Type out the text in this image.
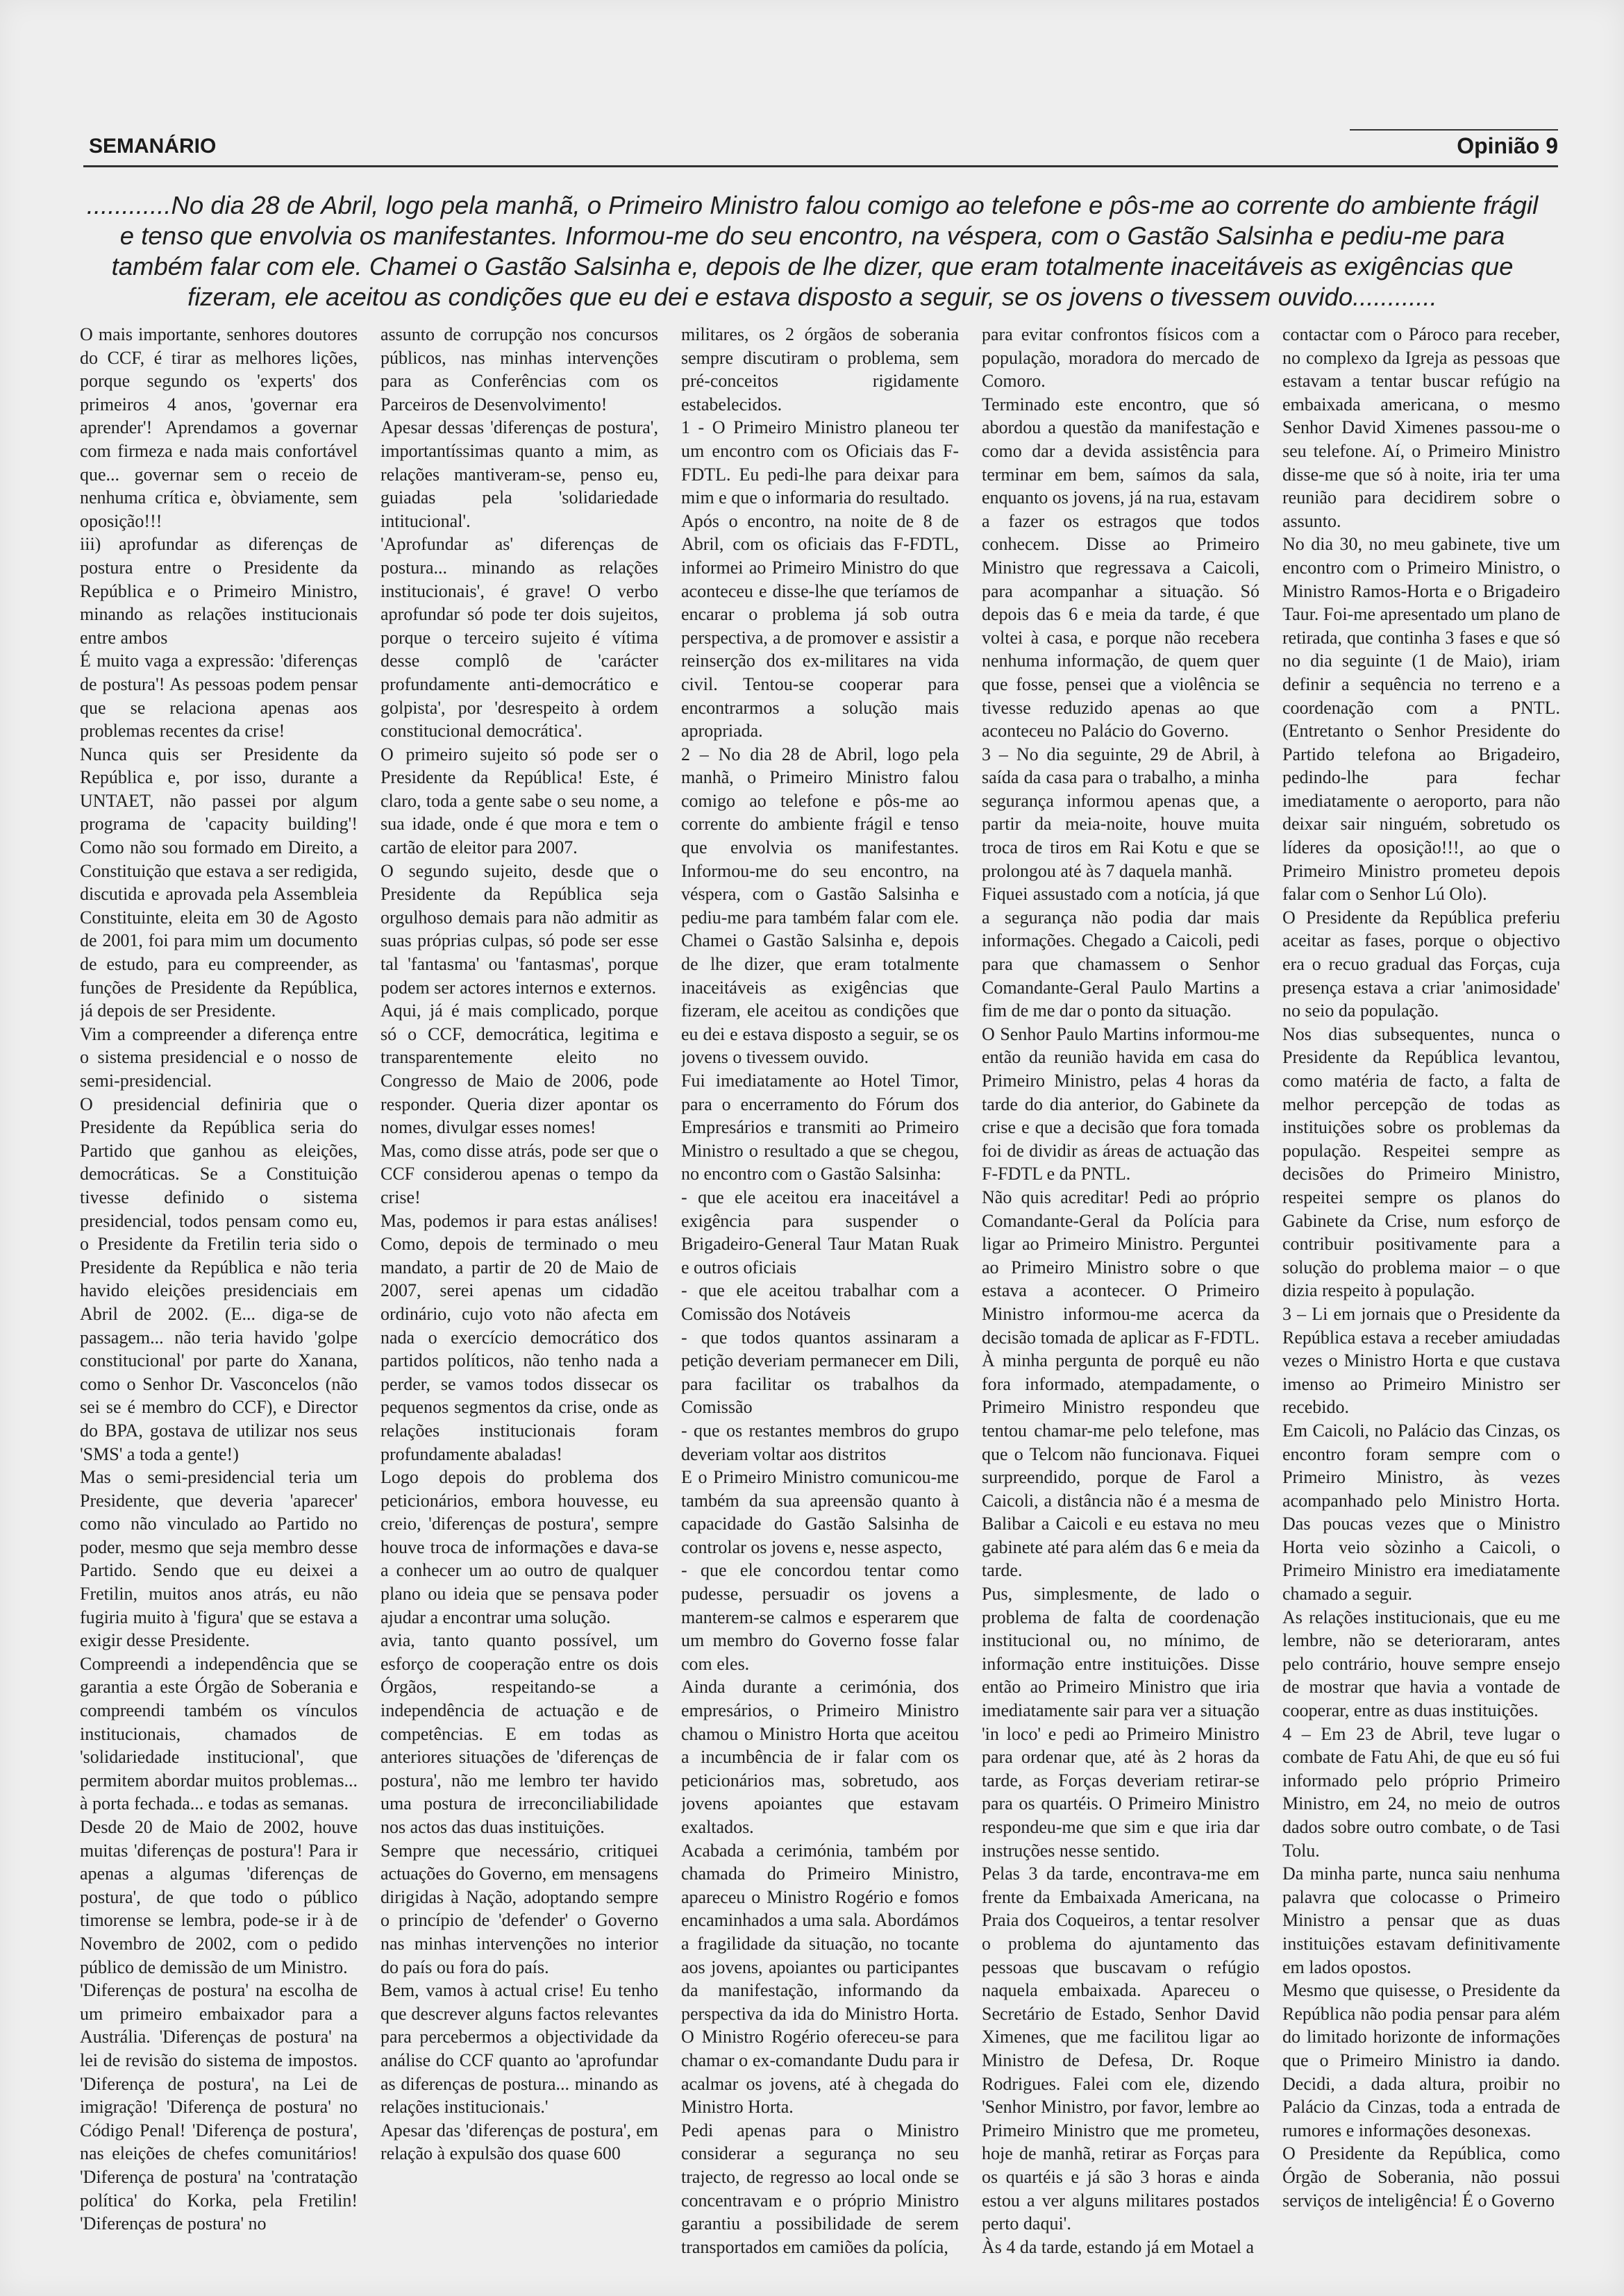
SEMANÁRIO	Opinião 9
............No dia 28 de Abril, logo pela manhã, o Primeiro Ministro falou comigo ao telefone e pôs-me ao corrente do ambiente frágil e tenso que envolvia os manifestantes. Informou-me do seu encontro, na véspera, com o Gastão Salsinha e pediu-me para também falar com ele. Chamei o Gastão Salsinha e, depois de lhe dizer, que eram totalmente inaceitáveis as exigências que fizeram, ele aceitou as condições que eu dei e estava disposto a seguir, se os jovens o tivessem ouvido............

O mais importante, senhores doutores do CCF, é tirar as melhores lições, porque segundo os 'experts' dos primeiros 4 anos, 'governar era aprender'! Aprendamos a governar com firmeza e nada mais confortável que... governar sem o receio de nenhuma crítica e, òbviamente, sem oposição!!!

iii) aprofundar as diferenças de postura entre o Presidente da República e o Primeiro Ministro, minando as relações institucionais entre ambos

É muito vaga a expressão: 'diferenças de postura'! As pessoas podem pensar que se relaciona apenas aos problemas recentes da crise!

Nunca quis ser Presidente da República e, por isso, durante a UNTAET, não passei por algum programa de 'capacity building'! Como não sou formado em Direito, a Constituição que estava a ser redigida, discutida e aprovada pela Assembleia Constituinte, eleita em 30 de Agosto de 2001, foi para mim um documento de estudo, para eu compreender, as funções de Presidente da República, já depois de ser Presidente.

Vim a compreender a diferença entre o sistema presidencial e o nosso de semi-presidencial.

O presidencial definiria que o Presidente da República seria do Partido que ganhou as eleições, democráticas. Se a Constituição tivesse definido o sistema presidencial, todos pensam como eu, o Presidente da Fretilin teria sido o Presidente da República e não teria havido eleições presidenciais em Abril de 2002. (E... diga-se de passagem... não teria havido 'golpe constitucional' por parte do Xanana, como o Senhor Dr. Vasconcelos (não sei se é membro do CCF), e Director do BPA, gostava de utilizar nos seus 'SMS' a toda a gente!)

Mas o semi-presidencial teria um Presidente, que deveria 'aparecer' como não vinculado ao Partido no poder, mesmo que seja membro desse Partido. Sendo que eu deixei a Fretilin, muitos anos atrás, eu não fugiria muito à 'figura' que se estava a exigir desse Presidente.

Compreendi a independência que se garantia a este Órgão de Soberania e compreendi também os vínculos institucionais, chamados de 'solidariedade institucional', que permitem abordar muitos problemas... à porta fechada... e todas as semanas.

Desde 20 de Maio de 2002, houve muitas 'diferenças de postura'! Para ir apenas a algumas 'diferenças de postura', de que todo o público timorense se lembra, pode-se ir à de Novembro de 2002, com o pedido público de demissão de um Ministro.

'Diferenças de postura' na escolha de um primeiro embaixador para a Austrália. 'Diferenças de postura' na lei de revisão do sistema de impostos. 'Diferença de postura', na Lei de imigração! 'Diferença de postura' no Código Penal! 'Diferença de postura', nas eleições de chefes comunitários! 'Diferença de postura' na 'contratação política' do Korka, pela Fretilin! 'Diferenças de postura' no

assunto de corrupção nos concursos públicos, nas minhas intervenções para as Conferências com os Parceiros de Desenvolvimento!

Apesar dessas 'diferenças de postura', importantíssimas quanto a mim, as relações mantiveram-se, penso eu, guiadas pela 'solidariedade intitucional'.

'Aprofundar as' diferenças de postura... minando as relações institucionais', é grave! O verbo aprofundar só pode ter dois sujeitos, porque o terceiro sujeito é vítima desse complô de 'carácter profundamente anti-democrático e golpista', por 'desrespeito à ordem constitucional democrática'.

O primeiro sujeito só pode ser o Presidente da República! Este, é claro, toda a gente sabe o seu nome, a sua idade, onde é que mora e tem o cartão de eleitor para 2007.

O segundo sujeito, desde que o Presidente da República seja orgulhoso demais para não admitir as suas próprias culpas, só pode ser esse tal 'fantasma' ou 'fantasmas', porque podem ser actores internos e externos.

Aqui, já é mais complicado, porque só o CCF, democrática, legitima e transparentemente eleito no Congresso de Maio de 2006, pode responder. Queria dizer apontar os nomes, divulgar esses nomes!

Mas, como disse atrás, pode ser que o CCF considerou apenas o tempo da crise!

Mas, podemos ir para estas análises! Como, depois de terminado o meu mandato, a partir de 20 de Maio de 2007, serei apenas um cidadão ordinário, cujo voto não afecta em nada o exercício democrático dos partidos políticos, não tenho nada a perder, se vamos todos dissecar os pequenos segmentos da crise, onde as relações institucionais foram profundamente abaladas!

Logo depois do problema dos peticionários, embora houvesse, eu creio, 'diferenças de postura', sempre houve troca de informações e dava-se a conhecer um ao outro de qualquer plano ou ideia que se pensava poder ajudar a encontrar uma solução.

avia, tanto quanto possível, um esforço de cooperação entre os dois Órgãos, respeitando-se a independência de actuação e de competências. E em todas as anteriores situações de 'diferenças de postura', não me lembro ter havido uma postura de irreconciliabilidade nos actos das duas instituições.

Sempre que necessário, critiquei actuações do Governo, em mensagens dirigidas à Nação, adoptando sempre o princípio de 'defender' o Governo nas minhas intervenções no interior do país ou fora do país.

Bem, vamos à actual crise! Eu tenho que descrever alguns factos relevantes para percebermos a objectividade da análise do CCF quanto ao 'aprofundar as diferenças de postura... minando as relações institucionais.'

Apesar das 'diferenças de postura', em relação à expulsão dos quase 600

militares, os 2 órgãos de soberania sempre discutiram o problema, sem pré-conceitos rigidamente estabelecidos.

1 - O Primeiro Ministro planeou ter um encontro com os Oficiais das F-FDTL. Eu pedi-lhe para deixar para mim e que o informaria do resultado.

Após o encontro, na noite de 8 de Abril, com os oficiais das F-FDTL, informei ao Primeiro Ministro do que aconteceu e disse-lhe que teríamos de encarar o problema já sob outra perspectiva, a de promover e assistir a reinserção dos ex-militares na vida civil. Tentou-se cooperar para encontrarmos a solução mais apropriada.

2 – No dia 28 de Abril, logo pela manhã, o Primeiro Ministro falou comigo ao telefone e pôs-me ao corrente do ambiente frágil e tenso que envolvia os manifestantes. Informou-me do seu encontro, na véspera, com o Gastão Salsinha e pediu-me para também falar com ele. Chamei o Gastão Salsinha e, depois de lhe dizer, que eram totalmente inaceitáveis as exigências que fizeram, ele aceitou as condições que eu dei e estava disposto a seguir, se os jovens o tivessem ouvido.

Fui imediatamente ao Hotel Timor, para o encerramento do Fórum dos Empresários e transmiti ao Primeiro Ministro o resultado a que se chegou, no encontro com o Gastão Salsinha:

- que ele aceitou era inaceitável a exigência para suspender o Brigadeiro-General Taur Matan Ruak e outros oficiais

- que ele aceitou trabalhar com a Comissão dos Notáveis

- que todos quantos assinaram a petição deveriam permanecer em Dili, para facilitar os trabalhos da Comissão

- que os restantes membros do grupo deveriam voltar aos distritos

E o Primeiro Ministro comunicou-me também da sua apreensão quanto à capacidade do Gastão Salsinha de controlar os jovens e, nesse aspecto,

- que ele concordou tentar como pudesse, persuadir os jovens a manterem-se calmos e esperarem que um membro do Governo fosse falar com eles.

Ainda durante a cerimónia, dos empresários, o Primeiro Ministro chamou o Ministro Horta que aceitou a incumbência de ir falar com os peticionários mas, sobretudo, aos jovens apoiantes que estavam exaltados.

Acabada a cerimónia, também por chamada do Primeiro Ministro, apareceu o Ministro Rogério e fomos encaminhados a uma sala. Abordámos a fragilidade da situação, no tocante aos jovens, apoiantes ou participantes da manifestação, informando da perspectiva da ida do Ministro Horta. O Ministro Rogério ofereceu-se para chamar o ex-comandante Dudu para ir acalmar os jovens, até à chegada do Ministro Horta.

Pedi apenas para o Ministro considerar a segurança no seu trajecto, de regresso ao local onde se concentravam e o próprio Ministro garantiu a possibilidade de serem transportados em camiões da polícia,

para evitar confrontos físicos com a população, moradora do mercado de Comoro.

Terminado este encontro, que só abordou a questão da manifestação e como dar a devida assistência para terminar em bem, saímos da sala, enquanto os jovens, já na rua, estavam a fazer os estragos que todos conhecem. Disse ao Primeiro Ministro que regressava a Caicoli, para acompanhar a situação. Só depois das 6 e meia da tarde, é que voltei à casa, e porque não recebera nenhuma informação, de quem quer que fosse, pensei que a violência se tivesse reduzido apenas ao que aconteceu no Palácio do Governo.

3 – No dia seguinte, 29 de Abril, à saída da casa para o trabalho, a minha segurança informou apenas que, a partir da meia-noite, houve muita troca de tiros em Rai Kotu e que se prolongou até às 7 daquela manhã.

Fiquei assustado com a notícia, já que a segurança não podia dar mais informações. Chegado a Caicoli, pedi para que chamassem o Senhor Comandante-Geral Paulo Martins a fim de me dar o ponto da situação.

O Senhor Paulo Martins informou-me então da reunião havida em casa do Primeiro Ministro, pelas 4 horas da tarde do dia anterior, do Gabinete da crise e que a decisão que fora tomada foi de dividir as áreas de actuação das F-FDTL e da PNTL.

Não quis acreditar! Pedi ao próprio Comandante-Geral da Polícia para ligar ao Primeiro Ministro. Perguntei ao Primeiro Ministro sobre o que estava a acontecer. O Primeiro Ministro informou-me acerca da decisão tomada de aplicar as F-FDTL. À minha pergunta de porquê eu não fora informado, atempadamente, o Primeiro Ministro respondeu que tentou chamar-me pelo telefone, mas que o Telcom não funcionava. Fiquei surpreendido, porque de Farol a Caicoli, a distância não é a mesma de Balibar a Caicoli e eu estava no meu gabinete até para além das 6 e meia da tarde.

Pus, simplesmente, de lado o problema de falta de coordenação institucional ou, no mínimo, de informação entre instituições. Disse então ao Primeiro Ministro que iria imediatamente sair para ver a situação 'in loco' e pedi ao Primeiro Ministro para ordenar que, até às 2 horas da tarde, as Forças deveriam retirar-se para os quartéis. O Primeiro Ministro respondeu-me que sim e que iria dar instruções nesse sentido.

Pelas 3 da tarde, encontrava-me em frente da Embaixada Americana, na Praia dos Coqueiros, a tentar resolver o problema do ajuntamento das pessoas que buscavam o refúgio naquela embaixada. Apareceu o Secretário de Estado, Senhor David Ximenes, que me facilitou ligar ao Ministro de Defesa, Dr. Roque Rodrigues. Falei com ele, dizendo 'Senhor Ministro, por favor, lembre ao Primeiro Ministro que me prometeu, hoje de manhã, retirar as Forças para os quartéis e já são 3 horas e ainda estou a ver alguns militares postados perto daqui'.

Às 4 da tarde, estando já em Motael a

contactar com o Pároco para receber, no complexo da Igreja as pessoas que estavam a tentar buscar refúgio na embaixada americana, o mesmo Senhor David Ximenes passou-me o seu telefone. Aí, o Primeiro Ministro disse-me que só à noite, iria ter uma reunião para decidirem sobre o assunto.

No dia 30, no meu gabinete, tive um encontro com o Primeiro Ministro, o Ministro Ramos-Horta e o Brigadeiro Taur. Foi-me apresentado um plano de retirada, que continha 3 fases e que só no dia seguinte (1 de Maio), iriam definir a sequência no terreno e a coordenação com a PNTL. (Entretanto o Senhor Presidente do Partido telefona ao Brigadeiro, pedindo-lhe para fechar imediatamente o aeroporto, para não deixar sair ninguém, sobretudo os líderes da oposição!!!, ao que o Primeiro Ministro prometeu depois falar com o Senhor Lú Olo).

O Presidente da República preferiu aceitar as fases, porque o objectivo era o recuo gradual das Forças, cuja presença estava a criar 'animosidade' no seio da população.

Nos dias subsequentes, nunca o Presidente da República levantou, como matéria de facto, a falta de melhor percepção de todas as instituições sobre os problemas da população. Respeitei sempre as decisões do Primeiro Ministro, respeitei sempre os planos do Gabinete da Crise, num esforço de contribuir positivamente para a solução do problema maior – o que dizia respeito à população.

3 – Li em jornais que o Presidente da República estava a receber amiudadas vezes o Ministro Horta e que custava imenso ao Primeiro Ministro ser recebido.

Em Caicoli, no Palácio das Cinzas, os encontro foram sempre com o Primeiro Ministro, às vezes acompanhado pelo Ministro Horta. Das poucas vezes que o Ministro Horta veio sòzinho a Caicoli, o Primeiro Ministro era imediatamente chamado a seguir.

As relações institucionais, que eu me lembre, não se deterioraram, antes pelo contrário, houve sempre ensejo de mostrar que havia a vontade de cooperar, entre as duas instituições.

4 – Em 23 de Abril, teve lugar o combate de Fatu Ahi, de que eu só fui informado pelo próprio Primeiro Ministro, em 24, no meio de outros dados sobre outro combate, o de Tasi Tolu.

Da minha parte, nunca saiu nenhuma palavra que colocasse o Primeiro Ministro a pensar que as duas instituições estavam definitivamente em lados opostos.

Mesmo que quisesse, o Presidente da República não podia pensar para além do limitado horizonte de informações que o Primeiro Ministro ia dando. Decidi, a dada altura, proibir no Palácio da Cinzas, toda a entrada de rumores e informações desonexas.

O Presidente da República, como Órgão de Soberania, não possui serviços de inteligência! É o Governo
